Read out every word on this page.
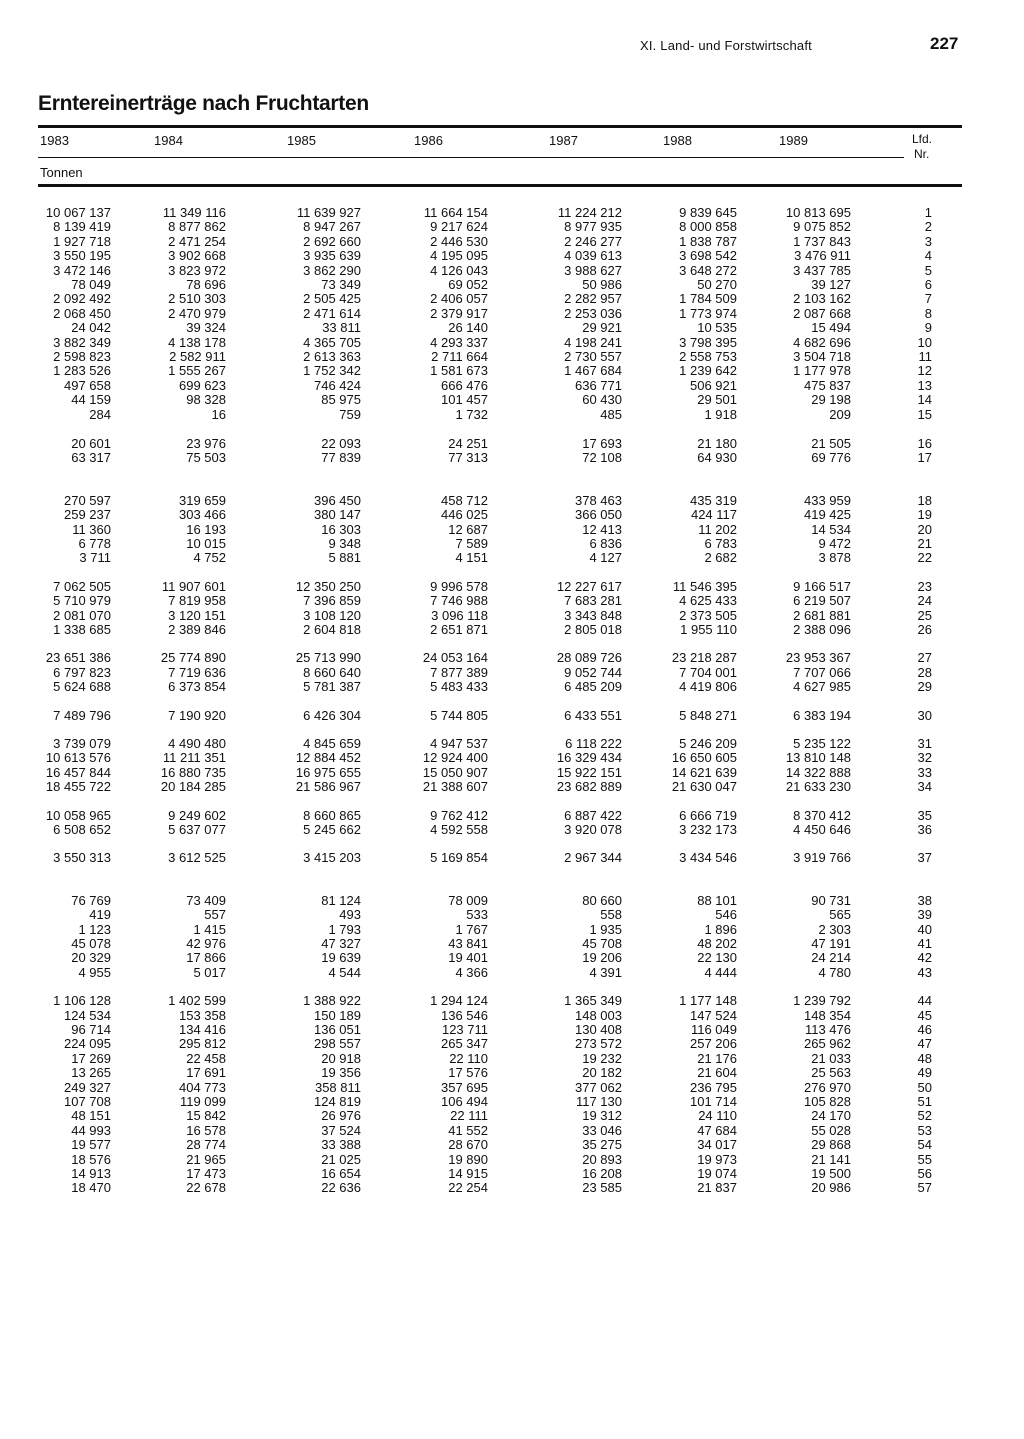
XI. Land- und Forstwirtschaft	227
Erntereinerträge nach Fruchtarten
1983	1984	1985	1986	1987	1988	1989	Lfd.
Nr.
Tonnen
10 067 137	11 349 116	11 639 927	11 664 154	11 224 212	9 839 645	10 813 695	1
8 139 419	8 877 862	8 947 267	9 217 624	8 977 935	8 000 858	9 075 852	2
1 927 718	2 471 254	2 692 660	2 446 530	2 246 277	1 838 787	1 737 843	3
3 550 195	3 902 668	3 935 639	4 195 095	4 039 613	3 698 542	3 476 911	4
3 472 146	3 823 972	3 862 290	4 126 043	3 988 627	3 648 272	3 437 785	5
78 049	78 696	73 349	69 052	50 986	50 270	39 127	6
2 092 492	2 510 303	2 505 425	2 406 057	2 282 957	1 784 509	2 103 162	7
2 068 450	2 470 979	2 471 614	2 379 917	2 253 036	1 773 974	2 087 668	8
24 042	39 324	33 811	26 140	29 921	10 535	15 494	9
3 882 349	4 138 178	4 365 705	4 293 337	4 198 241	3 798 395	4 682 696	10
2 598 823	2 582 911	2 613 363	2 711 664	2 730 557	2 558 753	3 504 718	11
1 283 526	1 555 267	1 752 342	1 581 673	1 467 684	1 239 642	1 177 978	12
497 658	699 623	746 424	666 476	636 771	506 921	475 837	13
44 159	98 328	85 975	101 457	60 430	29 501	29 198	14
284	16	759	1 732	485	1 918	209	15
20 601	23 976	22 093	24 251	17 693	21 180	21 505	16
63 317	75 503	77 839	77 313	72 108	64 930	69 776	17
270 597	319 659	396 450	458 712	378 463	435 319	433 959	18
259 237	303 466	380 147	446 025	366 050	424 117	419 425	19
11 360	16 193	16 303	12 687	12 413	11 202	14 534	20
6 778	10 015	9 348	7 589	6 836	6 783	9 472	21
3 711	4 752	5 881	4 151	4 127	2 682	3 878	22
7 062 505	11 907 601	12 350 250	9 996 578	12 227 617	11 546 395	9 166 517	23
5 710 979	7 819 958	7 396 859	7 746 988	7 683 281	4 625 433	6 219 507	24
2 081 070	3 120 151	3 108 120	3 096 118	3 343 848	2 373 505	2 681 881	25
1 338 685	2 389 846	2 604 818	2 651 871	2 805 018	1 955 110	2 388 096	26
23 651 386	25 774 890	25 713 990	24 053 164	28 089 726	23 218 287	23 953 367	27
6 797 823	7 719 636	8 660 640	7 877 389	9 052 744	7 704 001	7 707 066	28
5 624 688	6 373 854	5 781 387	5 483 433	6 485 209	4 419 806	4 627 985	29
7 489 796	7 190 920	6 426 304	5 744 805	6 433 551	5 848 271	6 383 194	30
3 739 079	4 490 480	4 845 659	4 947 537	6 118 222	5 246 209	5 235 122	31
10 613 576	11 211 351	12 884 452	12 924 400	16 329 434	16 650 605	13 810 148	32
16 457 844	16 880 735	16 975 655	15 050 907	15 922 151	14 621 639	14 322 888	33
18 455 722	20 184 285	21 586 967	21 388 607	23 682 889	21 630 047	21 633 230	34
10 058 965	9 249 602	8 660 865	9 762 412	6 887 422	6 666 719	8 370 412	35
6 508 652	5 637 077	5 245 662	4 592 558	3 920 078	3 232 173	4 450 646	36
3 550 313	3 612 525	3 415 203	5 169 854	2 967 344	3 434 546	3 919 766	37
76 769	73 409	81 124	78 009	80 660	88 101	90 731	38
419	557	493	533	558	546	565	39
1 123	1 415	1 793	1 767	1 935	1 896	2 303	40
45 078	42 976	47 327	43 841	45 708	48 202	47 191	41
20 329	17 866	19 639	19 401	19 206	22 130	24 214	42
4 955	5 017	4 544	4 366	4 391	4 444	4 780	43
1 106 128	1 402 599	1 388 922	1 294 124	1 365 349	1 177 148	1 239 792	44
124 534	153 358	150 189	136 546	148 003	147 524	148 354	45
96 714	134 416	136 051	123 711	130 408	116 049	113 476	46
224 095	295 812	298 557	265 347	273 572	257 206	265 962	47
17 269	22 458	20 918	22 110	19 232	21 176	21 033	48
13 265	17 691	19 356	17 576	20 182	21 604	25 563	49
249 327	404 773	358 811	357 695	377 062	236 795	276 970	50
107 708	119 099	124 819	106 494	117 130	101 714	105 828	51
48 151	15 842	26 976	22 111	19 312	24 110	24 170	52
44 993	16 578	37 524	41 552	33 046	47 684	55 028	53
19 577	28 774	33 388	28 670	35 275	34 017	29 868	54
18 576	21 965	21 025	19 890	20 893	19 973	21 141	55
14 913	17 473	16 654	14 915	16 208	19 074	19 500	56
18 470	22 678	22 636	22 254	23 585	21 837	20 986	57
